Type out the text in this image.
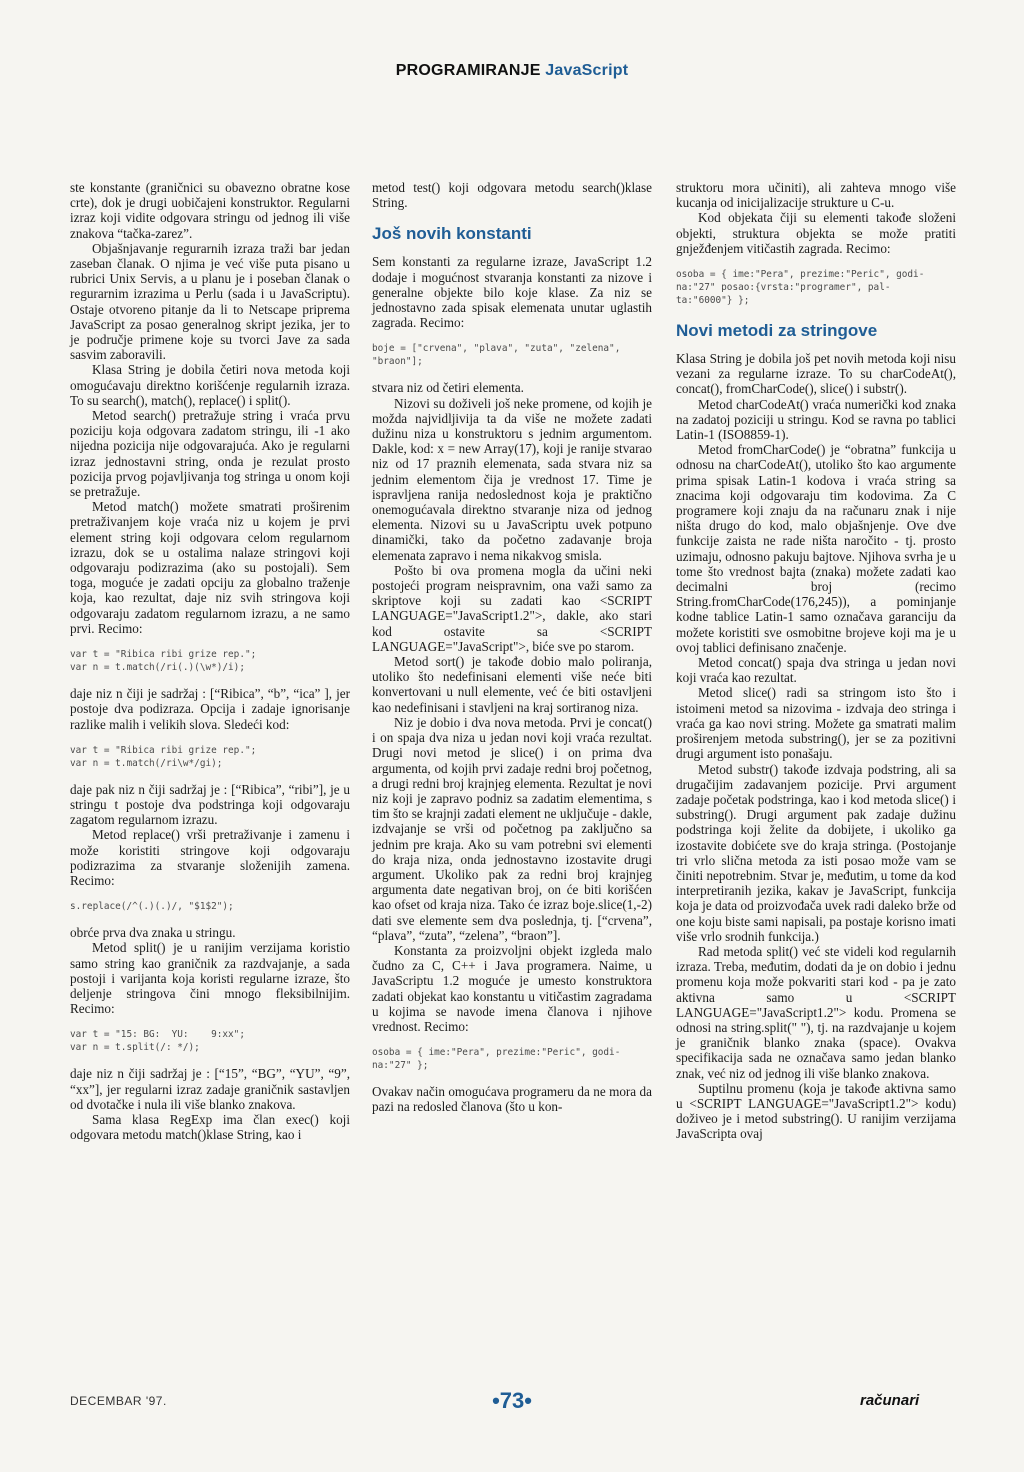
PROGRAMIRANJE JavaScript

ste konstante (graničnici su obavezno obratne kose crte), dok je drugi uobičajeni konstruktor. Regularni izraz koji vidite odgovara stringu od jednog ili više znakova “tačka-zarez”.

Objašnjavanje regurarnih izraza traži bar jedan zaseban članak. O njima je već više puta pisano u rubrici Unix Servis, a u planu je i poseban članak o regurarnim izrazima u Perlu (sada i u JavaScriptu). Ostaje otvoreno pitanje da li to Netscape priprema JavaScript za posao generalnog skript jezika, jer to je područje primene koje su tvorci Jave za sada sasvim zaboravili.

Klasa String je dobila četiri nova metoda koji omogućavaju direktno korišćenje regularnih izraza. To su search(), match(), replace() i split().

Metod search() pretražuje string i vraća prvu poziciju koja odgovara zadatom stringu, ili -1 ako nijedna pozicija nije odgovarajuća. Ako je regularni izraz jednostavni string, onda je rezulat prosto pozicija prvog pojavljivanja tog stringa u onom koji se pretražuje.

Metod match() možete smatrati proširenim pretraživanjem koje vraća niz u kojem je prvi element string koji odgovara celom regularnom izrazu, dok se u ostalima nalaze stringovi koji odgovaraju podizrazima (ako su postojali). Sem toga, moguće je zadati opciju za globalno traženje koja, kao rezultat, daje niz svih stringova koji odgovaraju zadatom regularnom izrazu, a ne samo prvi. Recimo:

var t = "Ribica ribi grize rep.";
var n = t.match(/ri(.)(\w*)/i);

daje niz n čiji je sadržaj : [“Ribica”, “b”, “ica” ], jer postoje dva podizraza. Opcija i zadaje ignorisanje razlike malih i velikih slova. Sledeći kod:

var t = "Ribica ribi grize rep.";
var n = t.match(/ri\w*/gi);

daje pak niz n čiji sadržaj je : [“Ribica”, “ribi”], je u stringu t postoje dva podstringa koji odgovaraju zagatom regularnom izrazu.

Metod replace() vrši pretraživanje i zamenu i može koristiti stringove koji odgovaraju podizrazima za stvaranje složenijih zamena. Recimo:

s.replace(/^(.)(.)/, "$1$2");

obrće prva dva znaka u stringu.

Metod split() je u ranijim verzijama koristio samo string kao graničnik za razdvajanje, a sada postoji i varijanta koja koristi regularne izraze, što deljenje stringova čini mnogo fleksibilnijim. Recimo:

var t = "15: BG:  YU:    9:xx";
var n = t.split(/: */);

daje niz n čiji sadržaj je : [“15”, “BG”, “YU”, “9”, “xx”], jer regularni izraz zadaje graničnik sastavljen od dvotačke i nula ili više blanko znakova.

Sama klasa RegExp ima član exec() koji odgovara metodu match()klase String, kao i

metod test() koji odgovara metodu search()klase String.

Još novih konstanti

Sem konstanti za regularne izraze, JavaScript 1.2 dodaje i mogućnost stvaranja konstanti za nizove i generalne objekte bilo koje klase. Za niz se jednostavno zada spisak elemenata unutar uglastih zagrada. Recimo:

boje = ["crvena", "plava", "zuta", "zelena",
"braon"];

stvara niz od četiri elementa.

Nizovi su doživeli još neke promene, od kojih je možda najvidljivija ta da više ne možete zadati dužinu niza u konstruktoru s jednim argumentom. Dakle, kod: x = new Array(17), koji je ranije stvarao niz od 17 praznih elemenata, sada stvara niz sa jednim elementom čija je vrednost 17. Time je ispravljena ranija nedoslednost koja je praktično onemogućavala direktno stvaranje niza od jednog elementa. Nizovi su u JavaScriptu uvek potpuno dinamički, tako da početno zadavanje broja elemenata zapravo i nema nikakvog smisla.

Pošto bi ova promena mogla da učini neki postojeći program neispravnim, ona važi samo za skriptove koji su zadati kao <SCRIPT LANGUAGE="JavaScript1.2">, dakle, ako stari kod ostavite sa <SCRIPT LANGUAGE="JavaScript">, biće sve po starom.

Metod sort() je takođe dobio malo poliranja, utoliko što nedefinisani elementi više neće biti konvertovani u null elemente, već će biti ostavljeni kao nedefinisani i stavljeni na kraj sortiranog niza.

Niz je dobio i dva nova metoda. Prvi je concat() i on spaja dva niza u jedan novi koji vraća rezultat. Drugi novi metod je slice() i on prima dva argumenta, od kojih prvi zadaje redni broj početnog, a drugi redni broj krajnjeg elementa. Rezultat je novi niz koji je zapravo podniz sa zadatim elementima, s tim što se krajnji zadati element ne uključuje - dakle, izdvajanje se vrši od početnog pa zaključno sa jednim pre kraja. Ako su vam potrebni svi elementi do kraja niza, onda jednostavno izostavite drugi argument. Ukoliko pak za redni broj krajnjeg argumenta date negativan broj, on će biti korišćen kao ofset od kraja niza. Tako će izraz boje.slice(1,-2) dati sve elemente sem dva poslednja, tj. [“crvena”, “plava”, “zuta”, “zelena”, “braon”].

Konstanta za proizvoljni objekt izgleda malo čudno za C, C++ i Java programera. Naime, u JavaScriptu 1.2 moguće je umesto konstruktora zadati objekat kao konstantu u vitičastim zagradama u kojima se navode imena članova i njihove vrednost. Recimo:

osoba = { ime:"Pera", prezime:"Peric", godi-
na:"27" };

Ovakav način omogućava programeru da ne mora da pazi na redosled članova (što u kon-

struktoru mora učiniti), ali zahteva mnogo više kucanja od inicijalizacije strukture u C-u.

Kod objekata čiji su elementi takođe složeni objekti, struktura objekta se može pratiti gnježđenjem vitičastih zagrada. Recimo:

osoba = { ime:"Pera", prezime:"Peric", godi-
na:"27" posao:{vrsta:"programer", pal-
ta:"6000"} };
Novi metodi za stringove

Klasa String je dobila još pet novih metoda koji nisu vezani za regularne izraze. To su charCodeAt(), concat(), fromCharCode(), slice() i substr().

Metod charCodeAt() vraća numerički kod znaka na zadatoj poziciji u stringu. Kod se ravna po tablici Latin-1 (ISO8859-1).

Metod fromCharCode() je “obratna” funkcija u odnosu na charCodeAt(), utoliko što kao argumente prima spisak Latin-1 kodova i vraća string sa znacima koji odgovaraju tim kodovima. Za C programere koji znaju da na računaru znak i nije ništa drugo do kod, malo objašnjenje. Ove dve funkcije zaista ne rade ništa naročito - tj. prosto uzimaju, odnosno pakuju bajtove. Njihova svrha je u tome što vrednost bajta (znaka) možete zadati kao decimalni broj (recimo String.fromCharCode(176,245)), a pominjanje kodne tablice Latin-1 samo označava garanciju da možete koristiti sve osmobitne brojeve koji ma je u ovoj tablici definisano značenje.

Metod concat() spaja dva stringa u jedan novi koji vraća kao rezultat.

Metod slice() radi sa stringom isto što i istoimeni metod sa nizovima - izdvaja deo stringa i vraća ga kao novi string. Možete ga smatrati malim proširenjem metoda substring(), jer se za pozitivni drugi argument isto ponašaju.

Metod substr() takođe izdvaja podstring, ali sa drugačijim zadavanjem pozicije. Prvi argument zadaje početak podstringa, kao i kod metoda slice() i substring(). Drugi argument pak zadaje dužinu podstringa koji želite da dobijete, i ukoliko ga izostavite dobićete sve do kraja stringa. (Postojanje tri vrlo slična metoda za isti posao može vam se činiti nepotrebnim. Stvar je, međutim, u tome da kod interpretiranih jezika, kakav je JavaScript, funkcija koja je data od proizvođača uvek radi daleko brže od one koju biste sami napisali, pa postaje korisno imati više vrlo srodnih funkcija.)

Rad metoda split() već ste videli kod regularnih izraza. Treba, međutim, dodati da je on dobio i jednu promenu koja može pokvariti stari kod - pa je zato aktivna samo u <SCRIPT LANGUAGE="JavaScript1.2"> kodu. Promena se odnosi na string.split(" "), tj. na razdvajanje u kojem je graničnik blanko znaka (space). Ovakva specifikacija sada ne označava samo jedan blanko znak, već niz od jednog ili više blanko znakova.

Suptilnu promenu (koja je takođe aktivna samo u <SCRIPT LANGUAGE="JavaScript1.2"> kodu) doživeo je i metod substring(). U ranijim verzijama JavaScripta ovaj

DECEMBAR '97.	•73•	računari
